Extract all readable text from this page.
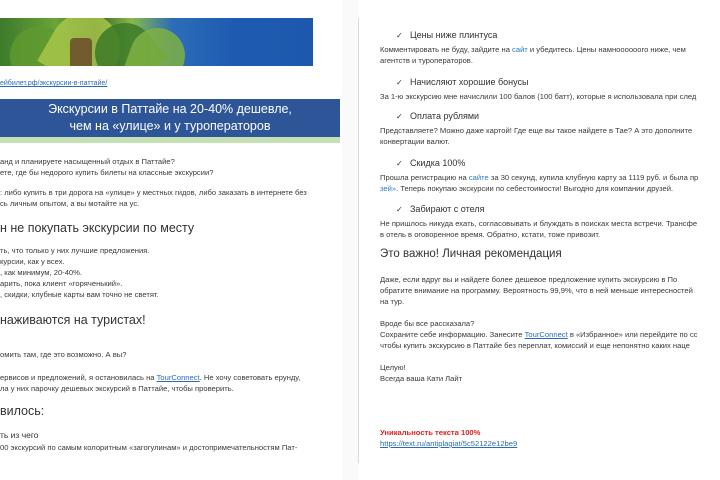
ейбилет.рф/экскурсии-в-паттайе/
Экскурсии в Паттайе на 20-40% дешевле,
чем на «улице» и у туроператоров
анд и планируете насыщенный отдых в Паттайе?
ете, где бы недорого купить билеты на класcные экскурсии?
: либо купить в три дорога на «улице» у местных гидов, либо заказать в интернете без
сь личным опытом, а вы мотайте на ус.
н не покупать экскурсии по месту
ть, что только у них лучшие предложения.
курсии, как у всех.
, как минимум, 20-40%.
арить, пока клиент «горяченький».
, скидки, клубные карты вам точно не светят.
наживаются на туристах!
омить там, где это возможно. А вы?
ервисов и предложений, я остановилась на TourConnect. Не хочу советовать ерунду,
ла у них парочку дешевых экскурсий в Паттайе, чтобы проверить.
вилось:
ть из чего
00 экскурсий по самым колоритным «загогулинам» и достопримечательностям Пат-
✓ Цены ниже плинтуса
Комментировать не буду, зайдите на сайт и убедитесь. Цены намноооооого ниже, чем
агентств и туроператоров.
✓ Начисляют хорошие бонусы
За 1-ю экскурсию мне начислили 100 балов (100 батт), которые я использовала при след
✓ Оплата рублями
Представляете? Можно даже картой! Где еще вы такое найдете в Тае? А это дополните
конвертации валют.
✓ Скидка 100%
Прошла регистрацию на сайте за 30 секунд, купила клубную карту за 1119 руб. и была пр
зей». Теперь покупаю экскурсии по себестоимости! Выгодно для компании друзей.
✓ Забирают с отеля
Не пришлось никуда ехать, согласовывать и блуждать в поисках места встречи. Трансфе
в отель в оговоренное время. Обратно, кстати, тоже привозит.
Это важно! Личная рекомендация
Даже, если вдруг вы и найдете более дешевое предложение купить экскурсию в По
обратите внимание на программу. Вероятность 99,9%, что в ней меньше интересностей
на тур.
Вроде бы все рассказала?
Сохраните себе информацию. Занесите TourConnect в «Избранное» или перейдите по сс
чтобы купить экскурсию в Паттайе без переплат, комиссий и еще непонятно каких наце
Целую!
Всегда ваша Кати Лайт
Уникальность текста 100%
https://text.ru/antiplagiat/5c52122e12be9
